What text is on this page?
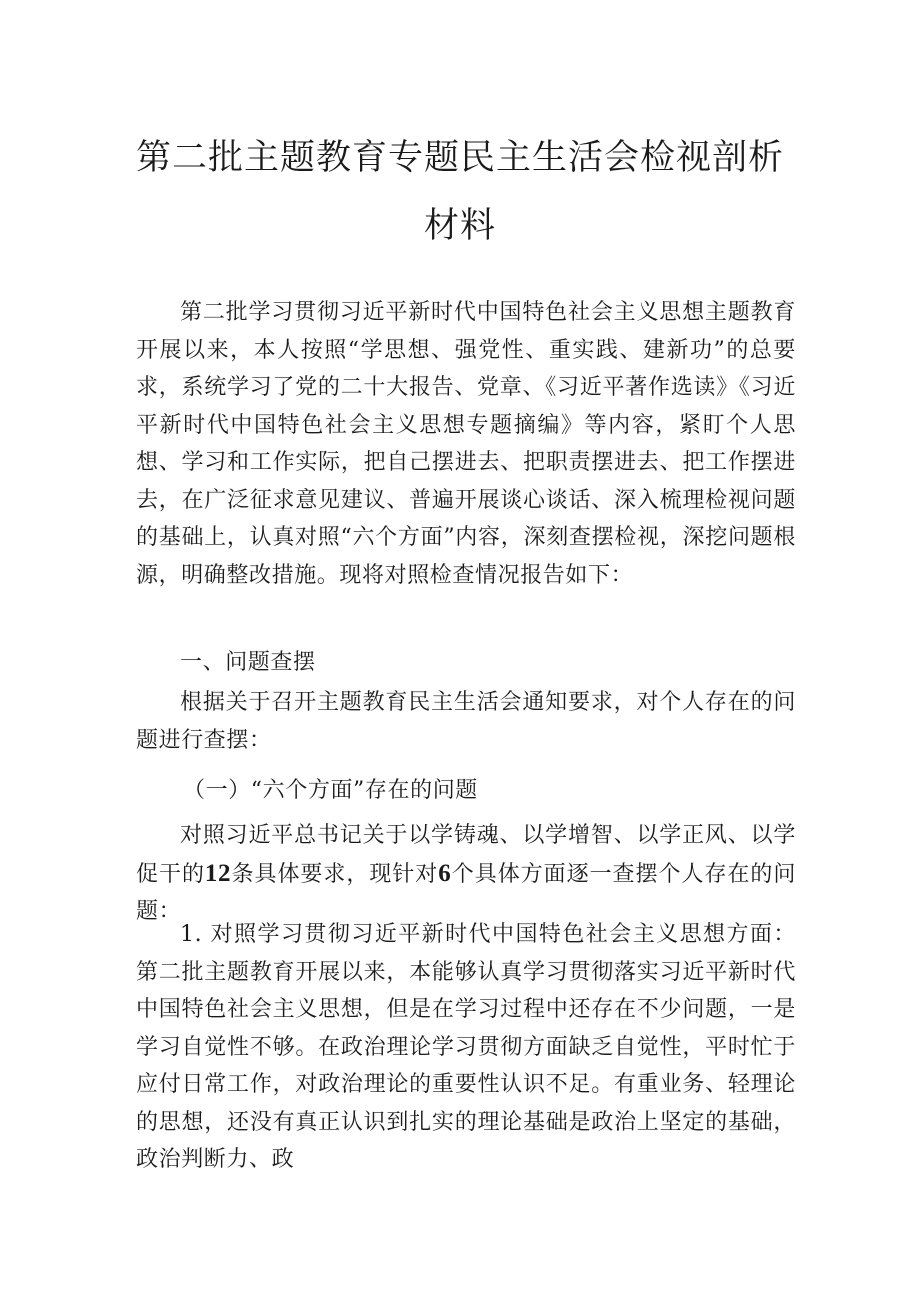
第二批主题教育专题民主生活会检视剖析
材料

第二批学习贯彻习近平新时代中国特色社会主义思想主题教育开展以来，本人按照“学思想、强党性、重实践、建新功”的总要求，系统学习了党的二十大报告、党章、《习近平著作选读》《习近平新时代中国特色社会主义思想专题摘编》等内容，紧盯个人思想、学习和工作实际，把自己摆进去、把职责摆进去、把工作摆进去，在广泛征求意见建议、普遍开展谈心谈话、深入梳理检视问题的基础上，认真对照“六个方面”内容，深刻查摆检视，深挖问题根源，明确整改措施。现将对照检查情况报告如下：

一、问题查摆

根据关于召开主题教育民主生活会通知要求，对个人存在的问题进行查摆：

（一）“六个方面”存在的问题

对照习近平总书记关于以学铸魂、以学增智、以学正风、以学促干的12条具体要求，现针对6个具体方面逐一查摆个人存在的问题：

1. 对照学习贯彻习近平新时代中国特色社会主义思想方面：第二批主题教育开展以来，本能够认真学习贯彻落实习近平新时代中国特色社会主义思想，但是在学习过程中还存在不少问题，一是学习自觉性不够。在政治理论学习贯彻方面缺乏自觉性，平时忙于应付日常工作，对政治理论的重要性认识不足。有重业务、轻理论的思想，还没有真正认识到扎实的理论基础是政治上坚定的基础，政治判断力、政
